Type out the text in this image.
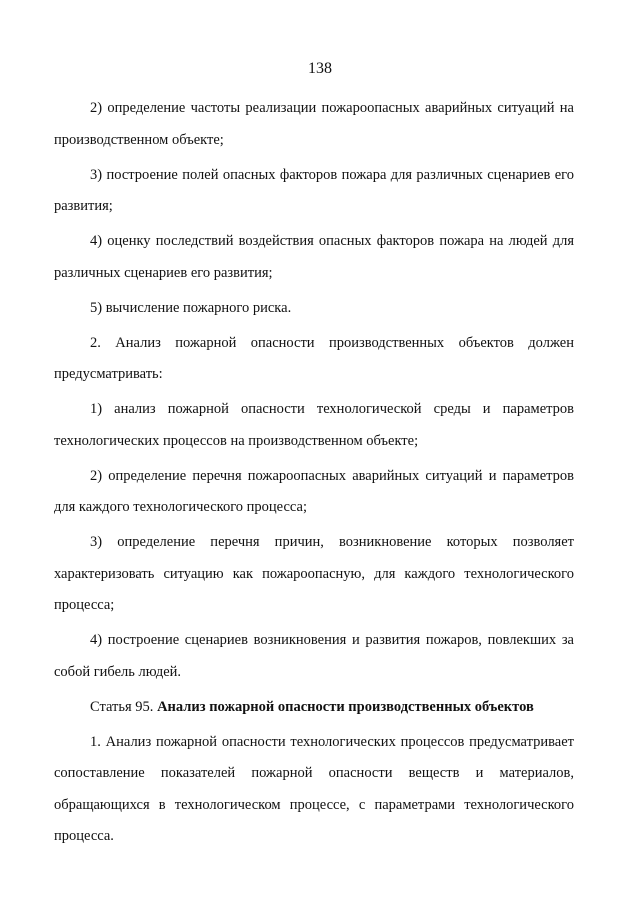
138

2) определение частоты реализации пожароопасных аварийных ситуаций на производственном объекте;

3) построение полей опасных факторов пожара для различных сценариев его развития;

4) оценку последствий воздействия опасных факторов пожара на людей для различных сценариев его развития;

5) вычисление пожарного риска.

2. Анализ пожарной опасности производственных объектов должен предусматривать:

1) анализ пожарной опасности технологической среды и параметров технологических процессов на производственном объекте;

2) определение перечня пожароопасных аварийных ситуаций и параметров для каждого технологического процесса;

3) определение перечня причин, возникновение которых позволяет характеризовать ситуацию как пожароопасную, для каждого технологического процесса;

4) построение сценариев возникновения и развития пожаров, повлекших за собой гибель людей.

Статья 95. Анализ пожарной опасности производственных объектов

1. Анализ пожарной опасности технологических процессов предусматривает сопоставление показателей пожарной опасности веществ и материалов, обращающихся в технологическом процессе, с параметрами технологического процесса.
